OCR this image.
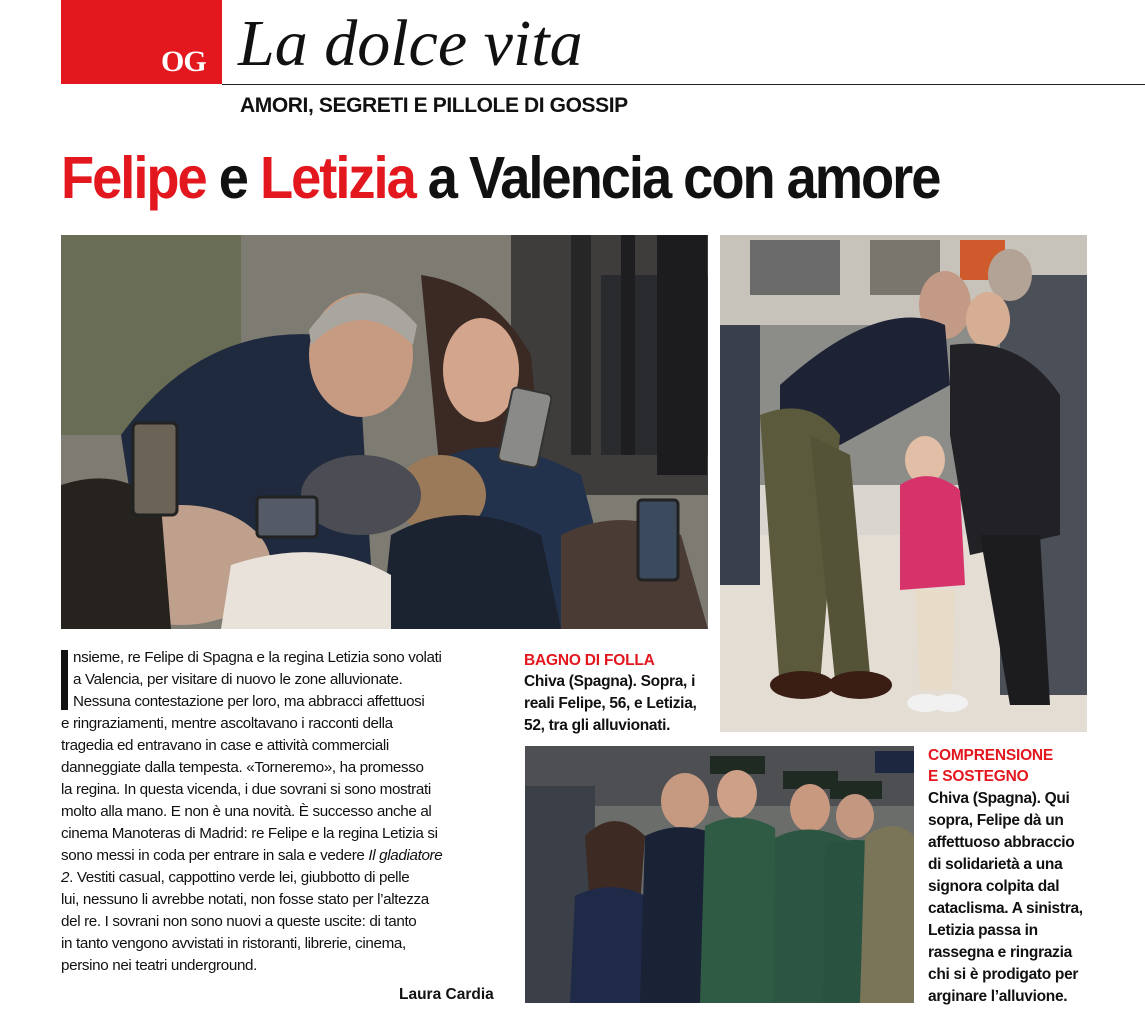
OG La dolce vita
AMORI, SEGRETI E PILLOLE DI GOSSIP
Felipe e Letizia a Valencia con amore
nsieme, re Felipe di Spagna e la regina Letizia sono volati
a Valencia, per visitare di nuovo le zone alluvionate.
Nessuna contestazione per loro, ma abbracci affettuosi
e ringraziamenti, mentre ascoltavano i racconti della
tragedia ed entravano in case e attività commerciali
danneggiate dalla tempesta. «Torneremo», ha promesso
la regina. In questa vicenda, i due sovrani si sono mostrati
molto alla mano. E non è una novità. È successo anche al
cinema Manoteras di Madrid: re Felipe e la regina Letizia si
sono messi in coda per entrare in sala e vedere Il gladiatore
2. Vestiti casual, cappottino verde lei, giubbotto di pelle
lui, nessuno li avrebbe notati, non fosse stato per l’altezza
del re. I sovrani non sono nuovi a queste uscite: di tanto
in tanto vengono avvistati in ristoranti, librerie, cinema,
persino nei teatri underground.
Laura Cardia
BAGNO DI FOLLA
Chiva (Spagna). Sopra, i
reali Felipe, 56, e Letizia,
52, tra gli alluvionati.
COMPRENSIONE
E SOSTEGNO
Chiva (Spagna). Qui
sopra, Felipe dà un
affettuoso abbraccio
di solidarietà a una
signora colpita dal
cataclisma. A sinistra,
Letizia passa in
rassegna e ringrazia
chi si è prodigato per
arginare l’alluvione.
